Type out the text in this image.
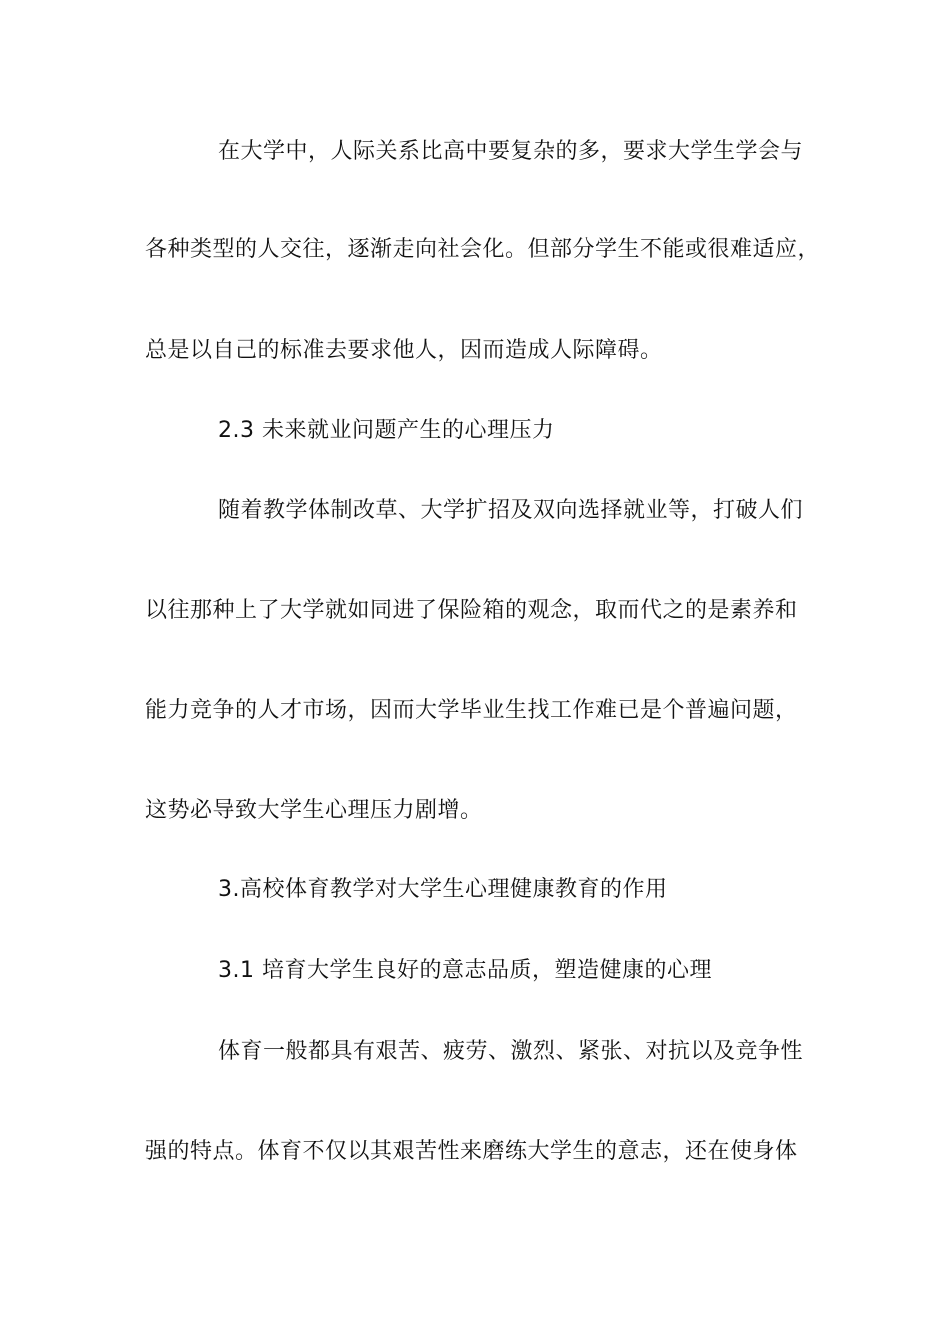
在大学中，人际关系比高中要复杂的多，要求大学生学会与
各种类型的人交往，逐渐走向社会化。但部分学生不能或很难适应，
总是以自己的标准去要求他人，因而造成人际障碍。
2.3 未来就业问题产生的心理压力
随着教学体制改草、大学扩招及双向选择就业等，打破人们
以往那种上了大学就如同进了保险箱的观念，取而代之的是素养和
能力竞争的人才市场，因而大学毕业生找工作难已是个普遍问题，
这势必导致大学生心理压力剧增。
3.高校体育教学对大学生心理健康教育的作用
3.1 培育大学生良好的意志品质，塑造健康的心理
体育一般都具有艰苦、疲劳、激烈、紧张、对抗以及竞争性
强的特点。体育不仅以其艰苦性来磨练大学生的意志，还在使身体
